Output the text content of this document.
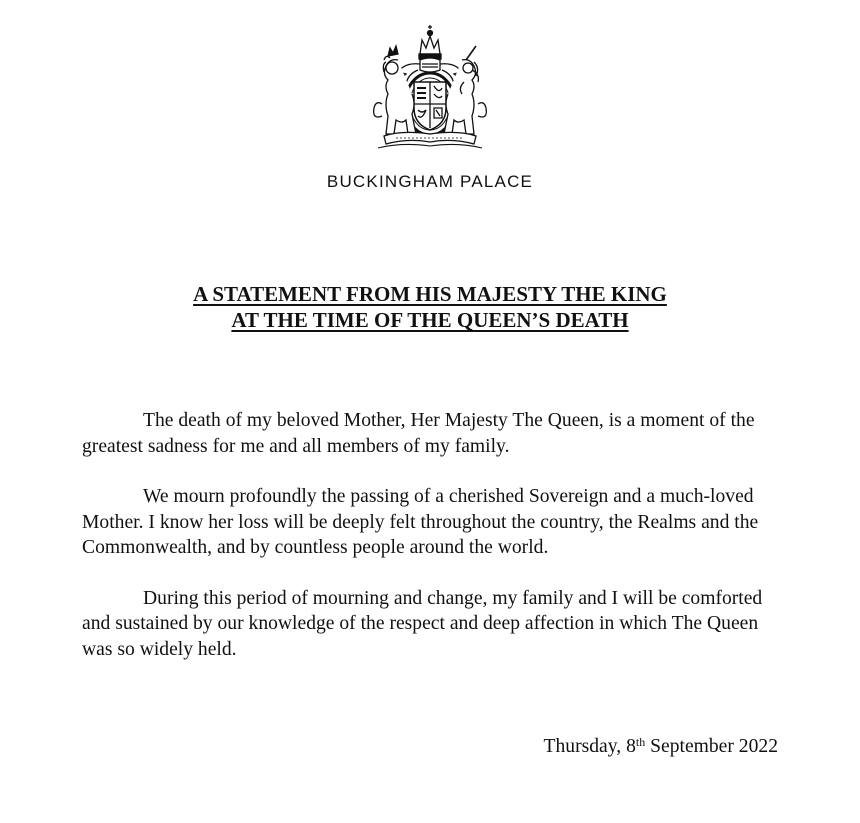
BUCKINGHAM PALACE
A STATEMENT FROM HIS MAJESTY THE KING
AT THE TIME OF THE QUEEN’S DEATH

The death of my beloved Mother, Her Majesty The Queen, is a moment of the greatest sadness for me and all members of my family.

We mourn profoundly the passing of a cherished Sovereign and a much-loved Mother. I know her loss will be deeply felt throughout the country, the Realms and the Commonwealth, and by countless people around the world.

During this period of mourning and change, my family and I will be comforted and sustained by our knowledge of the respect and deep affection in which The Queen was so widely held.

Thursday, 8th September 2022
